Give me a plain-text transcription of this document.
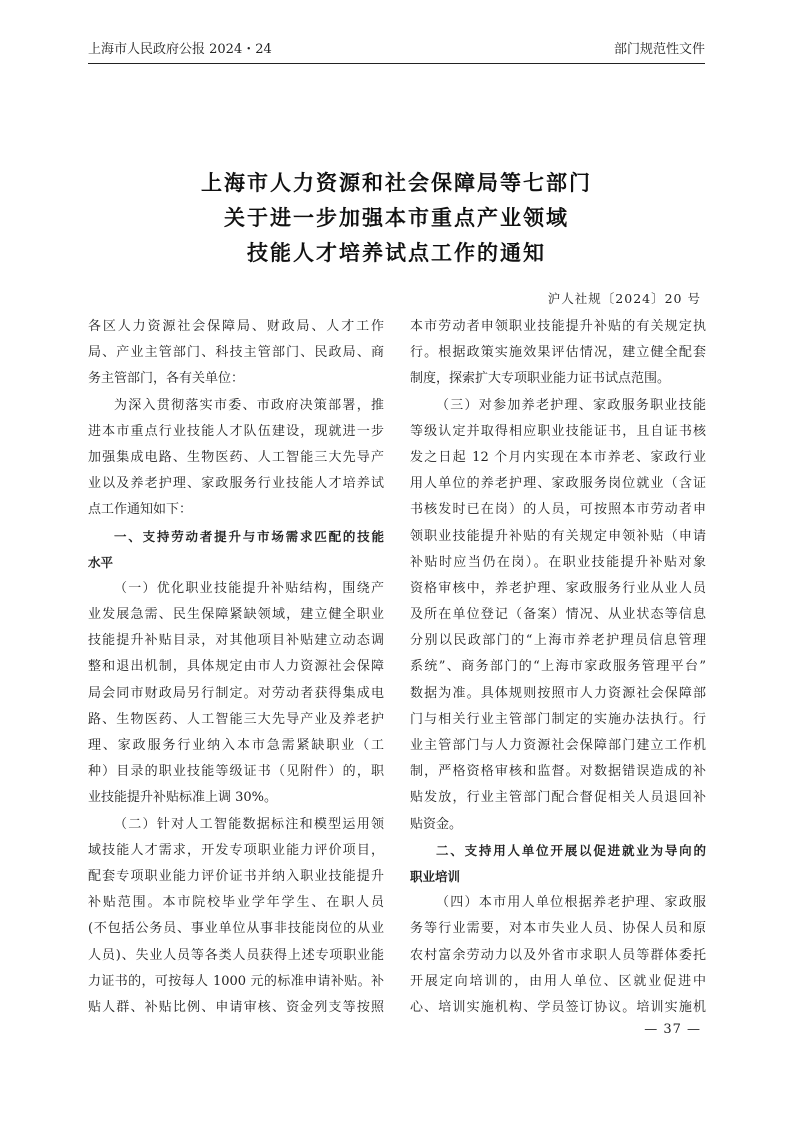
上海市人民政府公报 2024・24	部门规范性文件
上海市人力资源和社会保障局等七部门
关于进一步加强本市重点产业领域
技能人才培养试点工作的通知
沪人社规〔2024〕20 号
各区人力资源社会保障局、财政局、人才工作
局、产业主管部门、科技主管部门、民政局、商
务主管部门，各有关单位：
为深入贯彻落实市委、市政府决策部署，推
进本市重点行业技能人才队伍建设，现就进一步
加强集成电路、生物医药、人工智能三大先导产
业以及养老护理、家政服务行业技能人才培养试
点工作通知如下：
一、支持劳动者提升与市场需求匹配的技能
水平
（一）优化职业技能提升补贴结构，围绕产
业发展急需、民生保障紧缺领域，建立健全职业
技能提升补贴目录，对其他项目补贴建立动态调
整和退出机制，具体规定由市人力资源社会保障
局会同市财政局另行制定。对劳动者获得集成电
路、生物医药、人工智能三大先导产业及养老护
理、家政服务行业纳入本市急需紧缺职业（工
种）目录的职业技能等级证书（见附件）的，职
业技能提升补贴标准上调 30%。
（二）针对人工智能数据标注和模型运用领
域技能人才需求，开发专项职业能力评价项目，
配套专项职业能力评价证书并纳入职业技能提升
补贴范围。本市院校毕业学年学生、在职人员
(不包括公务员、事业单位从事非技能岗位的从业
人员)、失业人员等各类人员获得上述专项职业能
力证书的，可按每人 1000 元的标准申请补贴。补
贴人群、补贴比例、申请审核、资金列支等按照
本市劳动者申领职业技能提升补贴的有关规定执
行。根据政策实施效果评估情况，建立健全配套
制度，探索扩大专项职业能力证书试点范围。
（三）对参加养老护理、家政服务职业技能
等级认定并取得相应职业技能证书，且自证书核
发之日起 12 个月内实现在本市养老、家政行业
用人单位的养老护理、家政服务岗位就业（含证
书核发时已在岗）的人员，可按照本市劳动者申
领职业技能提升补贴的有关规定申领补贴（申请
补贴时应当仍在岗）。在职业技能提升补贴对象
资格审核中，养老护理、家政服务行业从业人员
及所在单位登记（备案）情况、从业状态等信息
分别以民政部门的“上海市养老护理员信息管理
系统”、商务部门的“上海市家政服务管理平台”
数据为准。具体规则按照市人力资源社会保障部
门与相关行业主管部门制定的实施办法执行。行
业主管部门与人力资源社会保障部门建立工作机
制，严格资格审核和监督。对数据错误造成的补
贴发放，行业主管部门配合督促相关人员退回补
贴资金。
二、支持用人单位开展以促进就业为导向的
职业培训
（四）本市用人单位根据养老护理、家政服
务等行业需要，对本市失业人员、协保人员和原
农村富余劳动力以及外省市求职人员等群体委托
开展定向培训的，由用人单位、区就业促进中
心、培训实施机构、学员签订协议。培训实施机
— 37 —
